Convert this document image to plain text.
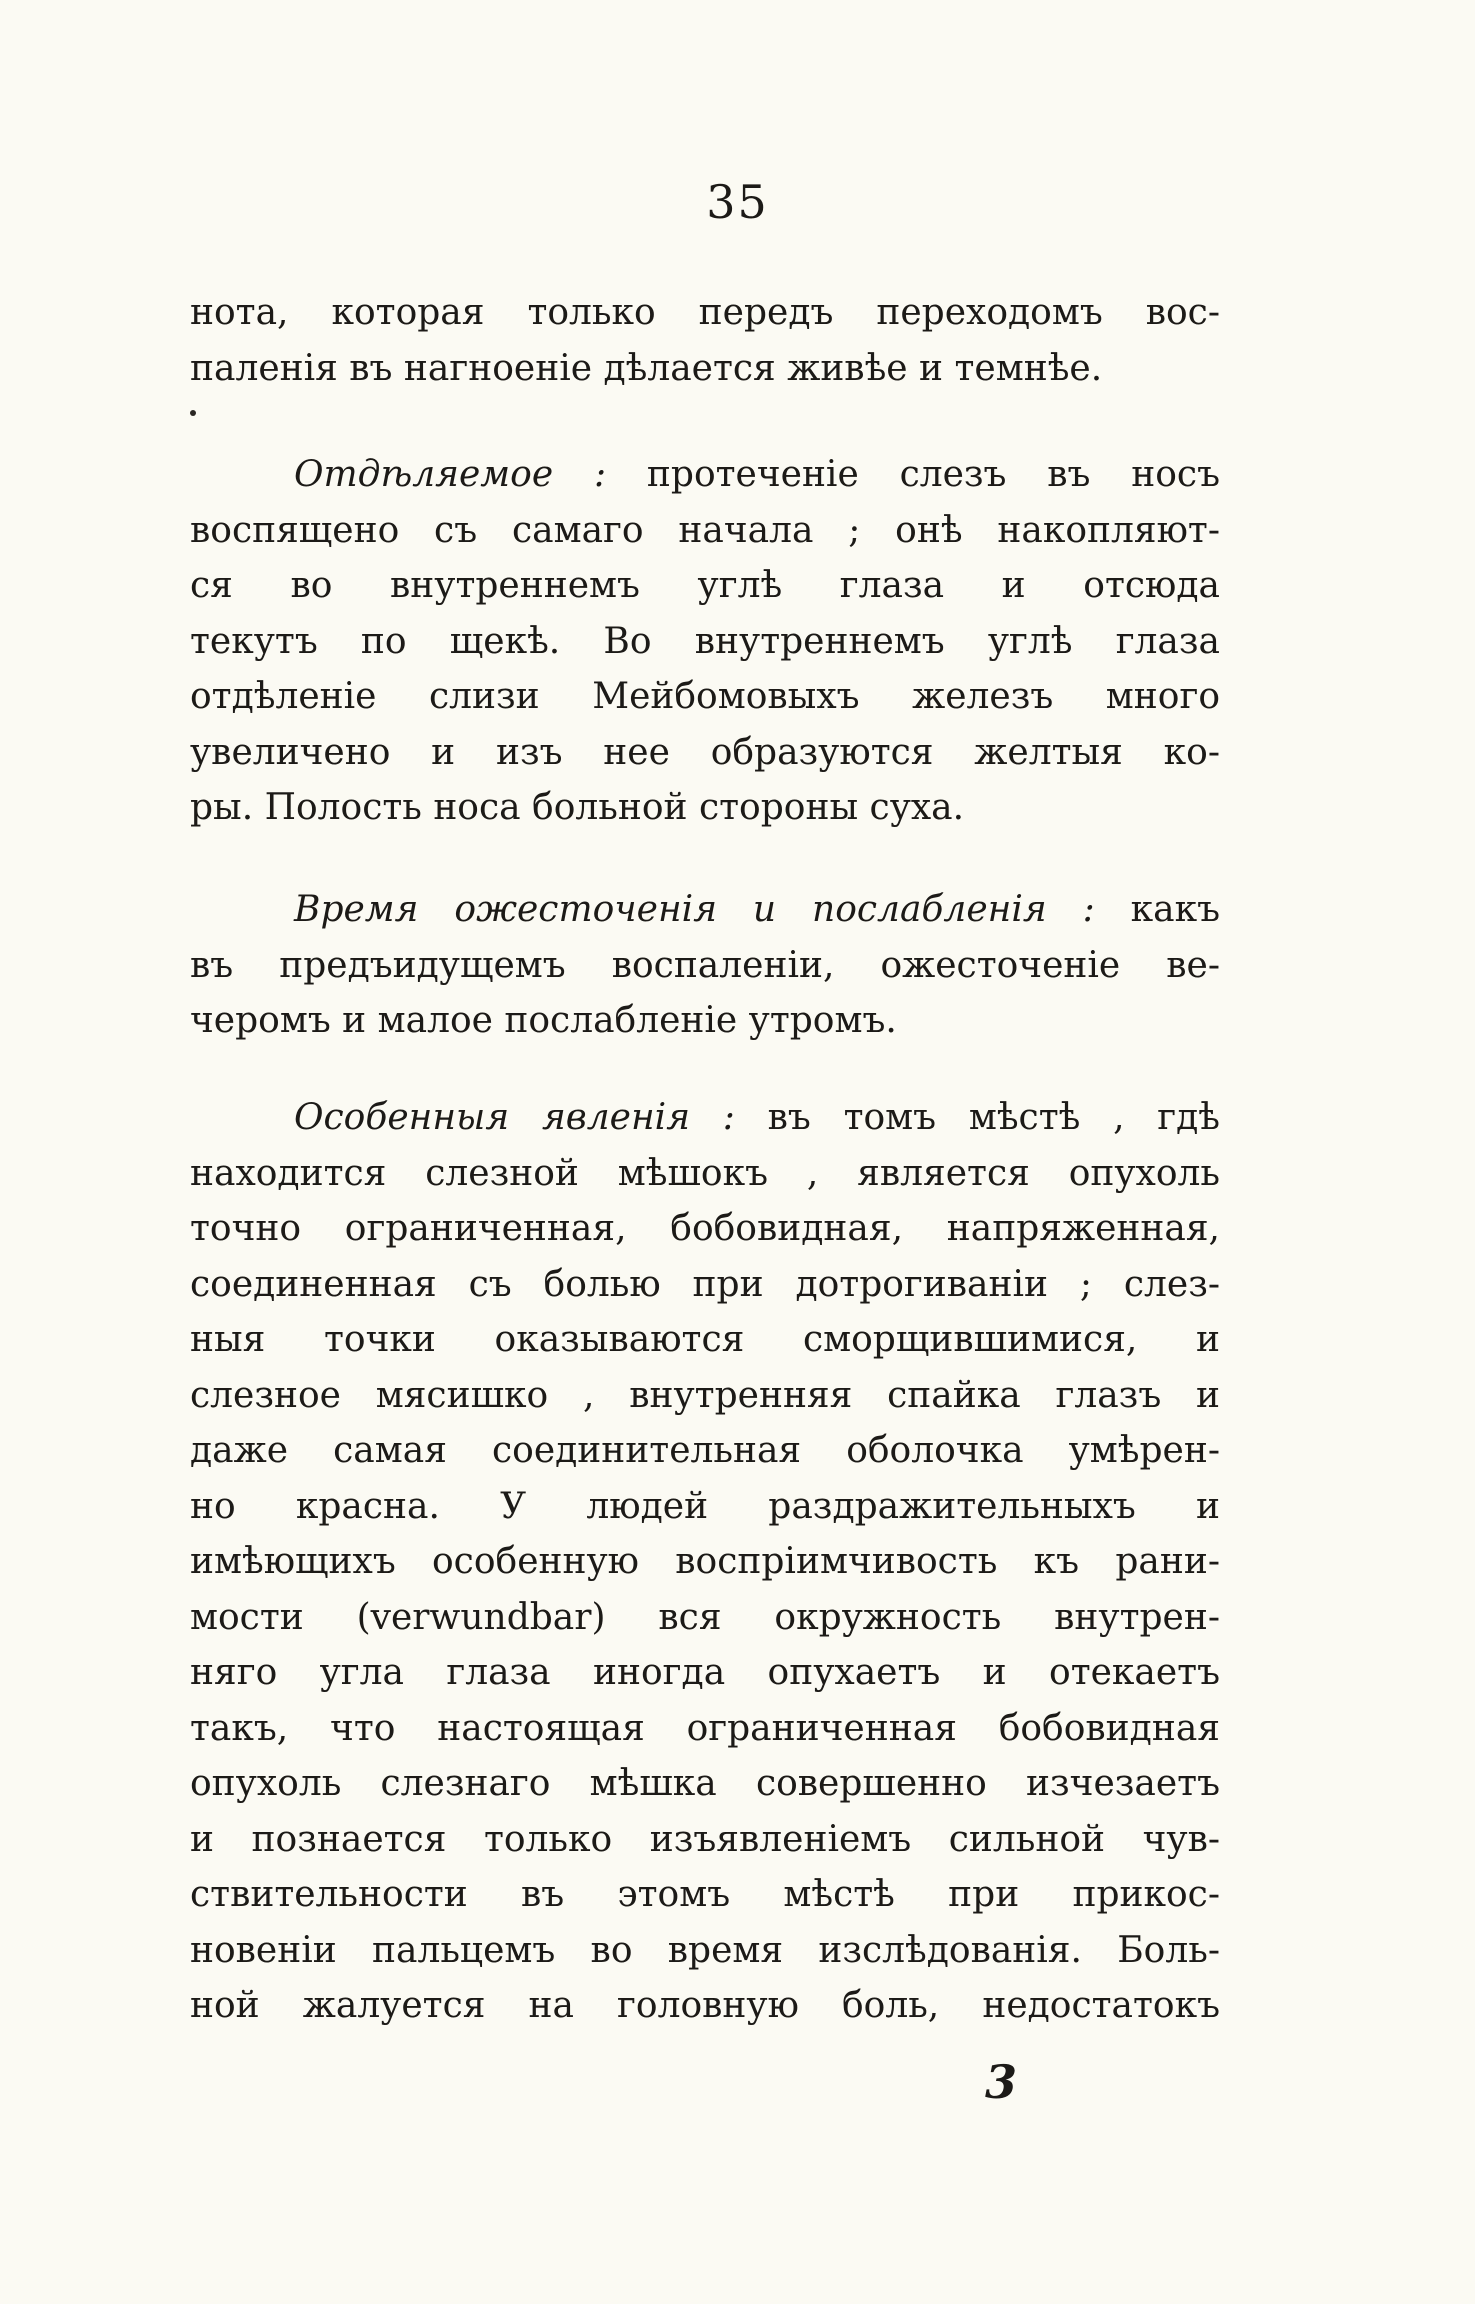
35
нота, которая только передъ переходомъ вос-
паленія въ нагноеніе дѣлается живѣе и темнѣе.
Отдѣляемое : протеченіе слезъ въ носъ
воспящено съ самаго начала ; онѣ накопляют-
ся во внутреннемъ углѣ глаза и отсюда
текутъ по щекѣ. Во внутреннемъ углѣ глаза
отдѣленіе слизи Мейбомовыхъ железъ много
увеличено и изъ нее образуются желтыя ко-
ры. Полость носа больной стороны суха.
Время ожесточенія и послабленія : какъ
въ предъидущемъ воспаленіи, ожесточеніе ве-
черомъ и малое послабленіе утромъ.
Особенныя явленія : въ томъ мѣстѣ , гдѣ
находится слезной мѣшокъ , является опухоль
точно ограниченная, бобовидная, напряженная,
соединенная съ болью при дотрогиваніи ; слез-
ныя точки оказываются сморщившимися, и
слезное мясишко , внутренняя спайка глазъ и
даже самая соединительная оболочка умѣрен-
но красна. У людей раздражительныхъ и
имѣющихъ особенную воспріимчивость къ рани-
мости (verwundbar) вся окружность внутрен-
няго угла глаза иногда опухаетъ и отекаетъ
такъ, что настоящая ограниченная бобовидная
опухоль слезнаго мѣшка совершенно изчезаетъ
и познается только изъявленіемъ сильной чув-
ствительности въ этомъ мѣстѣ при прикос-
новеніи пальцемъ во время изслѣдованія. Боль-
ной жалуется на головную боль, недостатокъ
3
